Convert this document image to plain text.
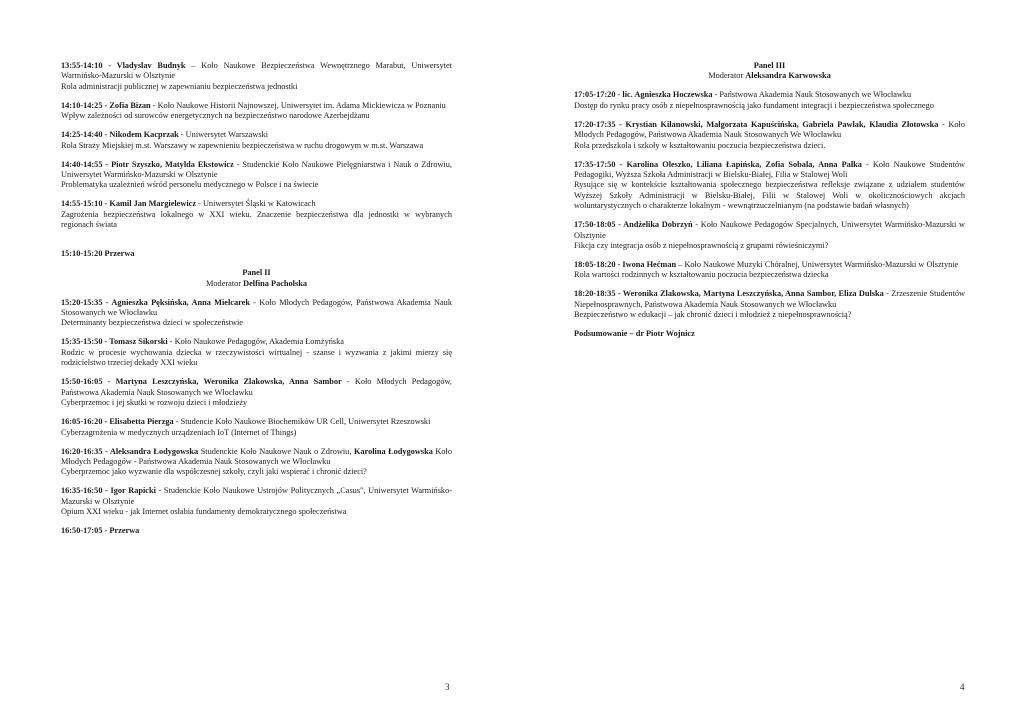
13:55-14:10 - Vladyslav Budnyk – Koło Naukowe Bezpieczeństwa Wewnętrznego Marabut, Uniwersytet Warmińsko-Mazurski w Olsztynie
Rola administracji publicznej w zapewnianiu bezpieczeństwa jednostki
14:10-14:25 - Zofia Bizan - Koło Naukowe Historii Najnowszej, Uniwersytet im. Adama Mickiewicza w Poznaniu
Wpływ zależności od surowców energetycznych na bezpieczeństwo narodowe Azerbejdżanu
14:25-14:40 - Nikodem Kacprzak - Uniwersytet Warszawski
Rola Straży Miejskiej m.st. Warszawy w zapewnieniu bezpieczeństwa w ruchu drogowym w m.st. Warszawa
14:40-14:55 - Piotr Szyszko, Matylda Ekstowicz - Studenckie Koło Naukowe Pielęgniarstwa i Nauk o Zdrowiu, Uniwersytet Warmińsko-Mazurski w Olsztynie
Problematyka uzależnień wśród personelu medycznego w Polsce i na świecie
14:55-15:10 - Kamil Jan Margielewicz - Uniwersytet Śląski w Katowicach
Zagrożenia bezpieczeństwa lokalnego w XXI wieku. Znaczenie bezpieczeństwa dla jednostki w wybranych regionach świata
15:10-15:20 Przerwa
Panel II
Moderator Delfina Pacholska
15:20-15:35 - Agnieszka Pęksińska, Anna Mielcarek - Koło Młodych Pedagogów, Państwowa Akademia Nauk Stosowanych we Włocławku
Determinanty bezpieczeństwa dzieci w społeczeństwie
15:35-15:50 - Tomasz Sikorski - Koło Naukowe Pedagogów, Akademia Łomżyńska
Rodzic w procesie wychowania dziecka w rzeczywistości wirtualnej - szanse i wyzwania z jakimi mierzy się rodzicielstwo trzeciej dekady XXI wieku
15:50-16:05 - Martyna Leszczyńska, Weronika Zlakowska, Anna Sambor - Koło Młodych Pedagogów, Państwowa Akademia Nauk Stosowanych we Włocławku
Cyberprzemoc i jej skutki w rozwoju dzieci i młodzieży
16:05-16:20 - Elisabetta Pierzga - Studencie Koło Naukowe Biochemików UR Cell, Uniwersytet Rzeszowski
Cyberzagrożenia w medycznych urządzeniach IoT (Internet of Things)
16:20-16:35 - Aleksandra Łodygowska Studenckie Koło Naukowe Nauk o Zdrowiu, Karolina Łodygowska Koło Młodych Pedagogów - Państwowa Akademia Nauk Stosowanych we Włocławku
Cyberprzemoc jako wyzwanie dla współczesnej szkoły, czyli jaki wspierać i chronić dzieci?
16:35-16:50 - Igor Rapicki - Studenckie Koło Naukowe Ustrojów Politycznych „Casus", Uniwersytet Warmińsko-Mazurski w Olsztynie
Opium XXI wieku - jak Internet osłabia fundamenty demokratycznego społeczeństwa
16:50-17:05 - Przerwa
3
Panel III
Moderator Aleksandra Karwowska
17:05-17:20 - lic. Agnieszka Hoczewska - Państwowa Akademia Nauk Stosowanych we Włocławku
Dostęp do rynku pracy osób z niepełnosprawnością jako fundament integracji i bezpieczeństwa społecznego
17:20-17:35 - Krystian Kilanowski, Małgorzata Kapuścińska, Gabriela Pawlak, Klaudia Złotowska - Koło Młodych Pedagogów, Państwowa Akademia Nauk Stosowanych We Włocławku
Rola przedszkola i szkoły w kształtowaniu poczucia bezpieczeństwa dzieci.
17:35-17:50 - Karolina Oleszko, Liliana Łapińska, Zofia Sobala, Anna Pałka - Koło Naukowe Studentów Pedagogiki, Wyższa Szkoła Administracji w Bielsku-Białej, Filia w Stalowej Woli
Rysujące się w kontekście kształtowania społecznego bezpieczeństwa refleksje związane z udziałem studentów Wyższej Szkoły Administracji w Bielsku-Białej, Filii w Stalowej Woli w okolicznościowych akcjach woluntarystycznych o charakterze lokalnym - wewnątrzuczelnianym (na podstawie badań własnych)
17:50-18:05 - Andżelika Dobrzyń - Koło Naukowe Pedagogów Specjalnych, Uniwersytet Warmińsko-Mazurski w Olsztynie
Fikcja czy integracja osób z niepełnosprawnością z grupami rówieśniczymi?
18:05-18:20 - Iwona Hećman – Koło Naukowe Muzyki Chóralnej, Uniwersytet Warmińsko-Mazurski w Olsztynie
Rola wartości rodzinnych w kształtowaniu poczucia bezpieczeństwa dziecka
18:20-18:35 - Weronika Zlakowska, Martyna Leszczyńska, Anna Sambor, Eliza Dulska - Zrzeszenie Studentów Niepełnosprawnych, Państwowa Akademia Nauk Stosowanych we Włocławku
Bezpieczeństwo w edukacji – jak chronić dzieci i młodzież z niepełnosprawnością?
Podsumowanie – dr Piotr Wojnicz
4
